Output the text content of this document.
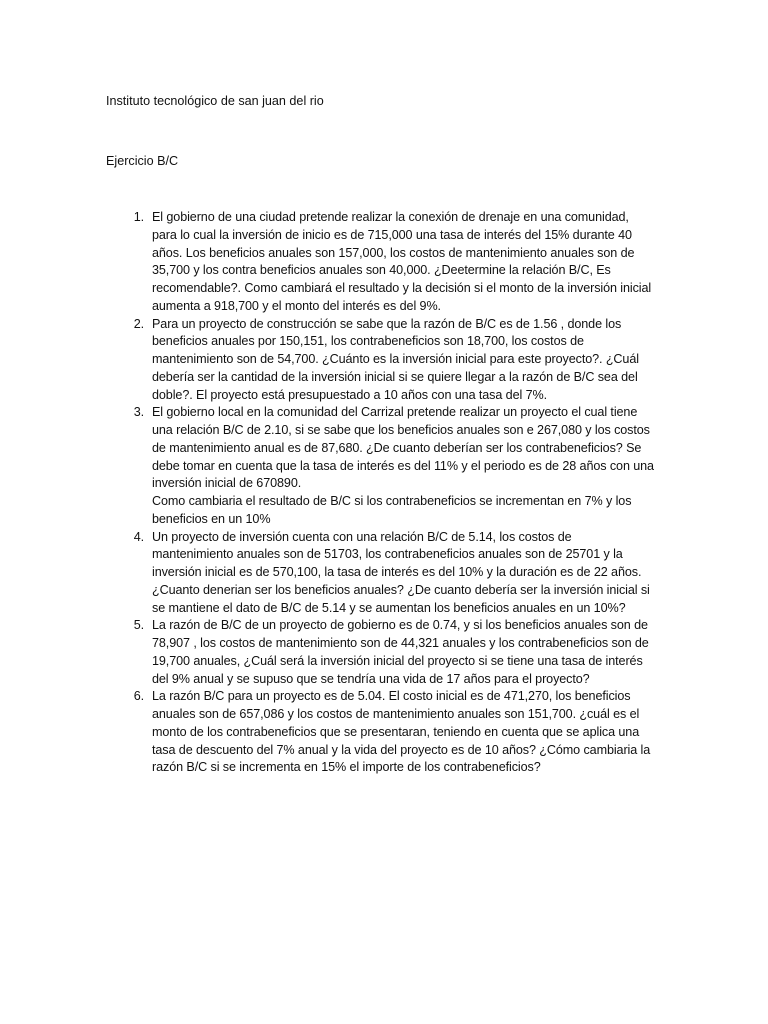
Instituto tecnológico de san juan del rio
Ejercicio B/C
1. El gobierno de una ciudad pretende realizar la conexión de drenaje en una comunidad,
para lo cual la inversión de inicio es de 715,000 una tasa de interés del 15% durante 40
años. Los beneficios anuales son 157,000, los costos de mantenimiento anuales son de
35,700 y los contra beneficios anuales son 40,000. ¿Deetermine la relación B/C, Es
recomendable?. Como cambiará el resultado y la decisión si el monto de la inversión inicial
aumenta a 918,700 y el monto del interés es del 9%.
2. Para un proyecto de construcción se sabe que la razón de B/C es de 1.56 , donde los
beneficios anuales por 150,151, los contrabeneficios son 18,700, los costos de
mantenimiento son de 54,700. ¿Cuánto es la inversión inicial para este proyecto?. ¿Cuál
debería ser la cantidad de la inversión inicial si se quiere llegar a la razón de B/C sea del
doble?. El proyecto está presupuestado a 10 años con una tasa del 7%.
3. El gobierno local en la comunidad del Carrizal pretende realizar un proyecto el cual tiene
una relación B/C de 2.10, si se sabe que los beneficios anuales son e 267,080 y los costos
de mantenimiento anual es de 87,680. ¿De cuanto deberían ser los contrabeneficios? Se
debe tomar en cuenta que la tasa de interés es del 11% y el periodo es de 28 años con una
inversión inicial de 670890.
Como cambiaria el resultado de B/C si los contrabeneficios se incrementan en 7% y los
beneficios en un 10%
4. Un proyecto de inversión cuenta con una relación B/C de 5.14, los costos de
mantenimiento anuales son de 51703, los contrabeneficios anuales son de 25701 y la
inversión inicial es de 570,100, la tasa de interés es del 10% y la duración es de 22 años.
¿Cuanto denerian ser los beneficios anuales? ¿De cuanto debería ser la inversión inicial si
se mantiene el dato de B/C de 5.14 y se aumentan los beneficios anuales en un 10%?
5. La razón de B/C de un proyecto de gobierno es de 0.74, y si los beneficios anuales son de
78,907 , los costos de mantenimiento son de 44,321 anuales y los contrabeneficios son de
19,700 anuales, ¿Cuál será la inversión inicial del proyecto si se tiene una tasa de interés
del 9% anual y se supuso que se tendría una vida de 17 años para el proyecto?
6. La razón B/C para un proyecto es de 5.04. El costo inicial es de 471,270, los beneficios
anuales son de 657,086 y los costos de mantenimiento anuales son 151,700. ¿cuál es el
monto de los contrabeneficios que se presentaran, teniendo en cuenta que se aplica una
tasa de descuento del 7% anual y la vida del proyecto es de 10 años? ¿Cómo cambiaria la
razón B/C si se incrementa en 15% el importe de los contrabeneficios?
